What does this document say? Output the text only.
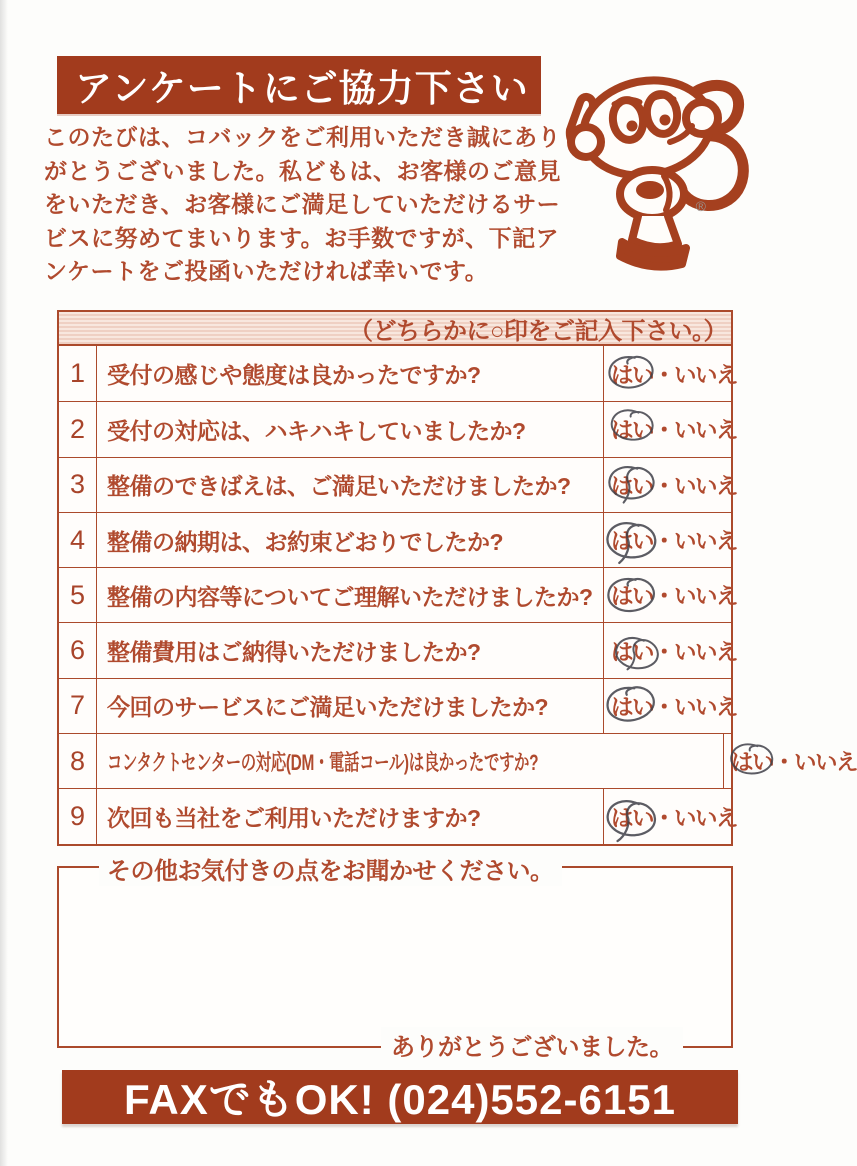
アンケートにご協力下さい
®

このたびは、コバックをご利用いただき誠にありがとうございました。私どもは、お客様のご意見をいただき、お客様にご満足していただけるサービスに努めてまいります。お手数ですが、下記アンケートをご投函いただければ幸いです。

（どちらかに○印をご記入下さい。）
1 受付の感じや態度は良かったですか?	はい・いいえ
2 受付の対応は、ハキハキしていましたか?	はい・いいえ
3 整備のできばえは、ご満足いただけましたか? はい・いいえ
4 整備の納期は、お約束どおりでしたか?	はい・いいえ
5 整備の内容等についてご理解いただけましたか? はい・いいえ
6 整備費用はご納得いただけましたか?	はい・いいえ
7 今回のサービスにご満足いただけましたか?	はい・いいえ
8 コンタクトセンターの対応(DM・電話コール)は良かったですか?	はい・いいえ
9 次回も当社をご利用いただけますか?	はい・いいえ
その他お気付きの点をお聞かせください。
ありがとうございました。
FAXでもOK! (024)552-6151
